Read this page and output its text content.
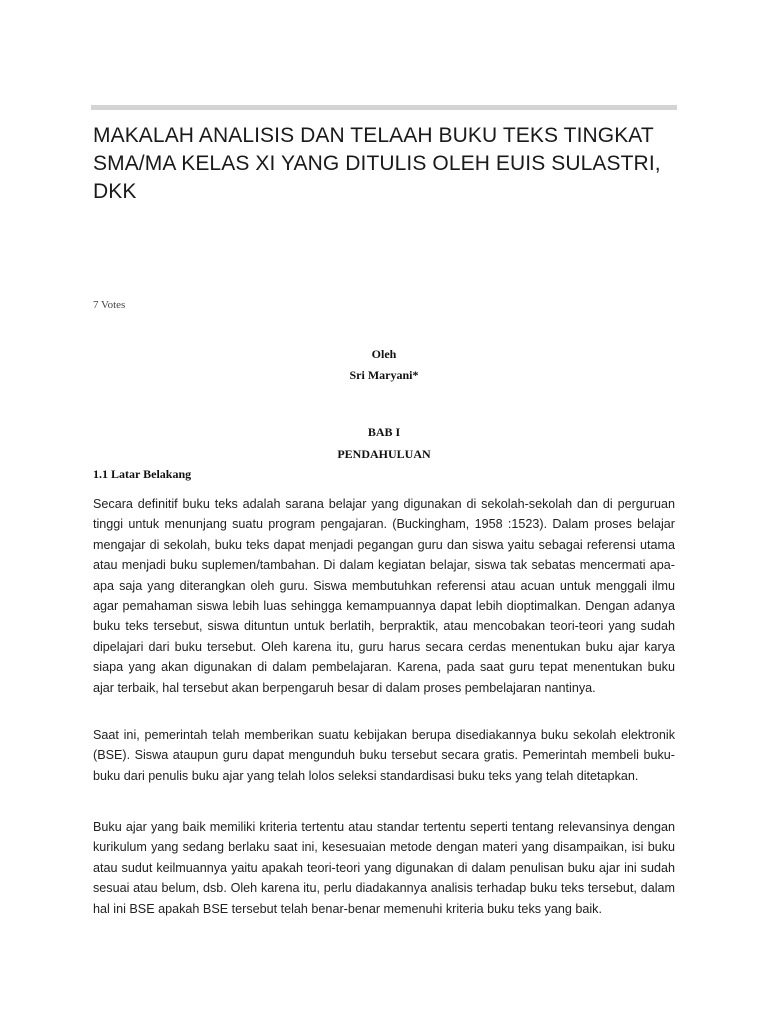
MAKALAH ANALISIS DAN TELAAH BUKU TEKS TINGKAT SMA/MA KELAS XI YANG DITULIS OLEH EUIS SULASTRI, DKK
7 Votes
Oleh
Sri Maryani*
BAB I
PENDAHULUAN
1.1 Latar Belakang

Secara definitif buku teks adalah sarana belajar yang digunakan di sekolah-sekolah dan di perguruan tinggi untuk menunjang suatu program pengajaran. (Buckingham, 1958 :1523). Dalam proses belajar mengajar di sekolah, buku teks dapat menjadi pegangan guru dan siswa yaitu sebagai referensi utama atau menjadi buku suplemen/tambahan. Di dalam kegiatan belajar, siswa tak sebatas mencermati apa-apa saja yang diterangkan oleh guru. Siswa membutuhkan referensi atau acuan untuk menggali ilmu agar pemahaman siswa lebih luas sehingga kemampuannya dapat lebih dioptimalkan. Dengan adanya buku teks tersebut, siswa dituntun untuk berlatih, berpraktik, atau mencobakan teori-teori yang sudah dipelajari dari buku tersebut. Oleh karena itu, guru harus secara cerdas menentukan buku ajar karya siapa yang akan digunakan di dalam pembelajaran. Karena, pada saat guru tepat menentukan buku ajar terbaik, hal tersebut akan berpengaruh besar di dalam proses pembelajaran nantinya.

Saat ini, pemerintah telah memberikan suatu kebijakan berupa disediakannya buku sekolah elektronik (BSE). Siswa ataupun guru dapat mengunduh buku tersebut secara gratis. Pemerintah membeli buku-buku dari penulis buku ajar yang telah lolos seleksi standardisasi buku teks yang telah ditetapkan.

Buku ajar yang baik memiliki kriteria tertentu atau standar tertentu seperti tentang relevansinya dengan kurikulum yang sedang berlaku saat ini, kesesuaian metode dengan materi yang disampaikan, isi buku atau sudut keilmuannya yaitu apakah teori-teori yang digunakan di dalam penulisan buku ajar ini sudah sesuai atau belum, dsb. Oleh karena itu, perlu diadakannya analisis terhadap buku teks tersebut, dalam hal ini BSE apakah BSE tersebut telah benar-benar memenuhi kriteria buku teks yang baik.
